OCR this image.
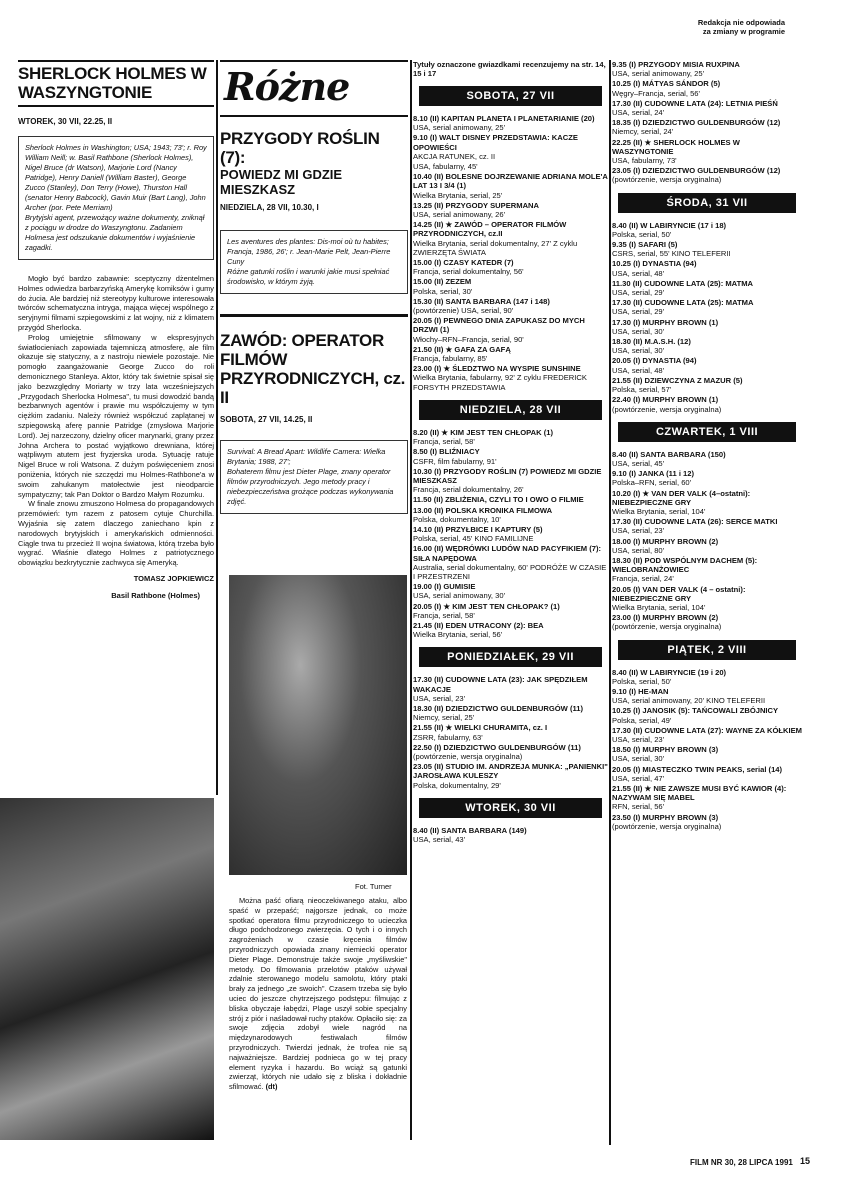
Redakcja nie odpowiada
za zmiany w programie
SHERLOCK HOLMES W WASZYNGTONIE
WTOREK, 30 VII, 22.25, II
Sherlock Holmes in Washington; USA; 1943; 73'; r. Roy William Neill; w. Basil Rathbone (Sherlock Holmes), Nigel Bruce (dr Watson), Marjorie Lord (Nancy Patridge), Henry Daniell (William Baster), George Zucco (Stanley), Don Terry (Howe), Thurston Hall (senator Henry Babcock), Gavin Muir (Bart Lang), John Archer (por. Pete Merriam)
Brytyjski agent, przewożący ważne dokumenty, zniknął z pociągu w drodze do Waszyngtonu. Zadaniem Holmesa jest odszukanie dokumentów i wyjaśnienie zagadki.

Mogło być bardzo zabawnie: sceptyczny dżentelmen Holmes odwiedza barbarzyńską Amerykę komiksów i gumy do żucia. Ale bardziej niż stereotypy kulturowe interesowała twórców schematyczna intryga, mająca więcej wspólnego z seryjnymi filmami szpiegowskimi z lat wojny, niż z klimatem przygód Sherlocka.

Prolog umiejętnie sfilmowany w ekspresyjnych światłocieniach zapowiada tajemniczą atmosferę, ale film okazuje się statyczny, a z nastroju niewiele pozostaje. Nie pomogło zaangażowanie George Zucco do roli demonicznego Stanleya. Aktor, który tak świetnie spisał się jako bezwzględny Moriarty w trzy lata wcześniejszych „Przygodach Sherlocka Holmesa", tu musi dowodzić bandą bezbarwnych agentów i prawie mu współczujemy w tym ciężkim zadaniu. Należy również współczuć zaplątanej w szpiegowską aferę pannie Patridge (zmysłowa Marjorie Lord). Jej narzeczony, dzielny oficer marynarki, grany przez Johna Archera to postać wyjątkowo drewniana, której wątpliwym atutem jest fryzjerska uroda. Sytuację ratuje Nigel Bruce w roli Watsona. Z dużym poświęceniem znosi poniżenia, których nie szczędzi mu Holmes-Rathbone'a w swoim zahukanym matołectwie jest nieodparcie sympatyczny; tak Pan Doktor o Bardzo Małym Rozumku.

W finale znowu zmuszono Holmesa do propagandowych przemówień: tym razem z patosem cytuje Churchilla. Wyjaśnia się zatem dlaczego zaniechano kpin z narodowych brytyjskich i amerykańskich odmienności. Ciągle trwa tu przecież II wojna światowa, którą trzeba było wygrać. Właśnie dlatego Holmes z patriotycznego obowiązku bezkrytycznie zachwyca się Ameryką.

TOMASZ JOPKIEWICZ
Basil Rathbone (Holmes)
Różne
PRZYGODY ROŚLIN (7):
POWIEDZ MI GDZIE MIESZKASZ
NIEDZIELA, 28 VII, 10.30, I
Les aventures des plantes: Dis-moi où tu habites; Francja, 1986, 26'; r. Jean-Marie Pelt, Jean-Pierre Cuny
Różne gatunki roślin i warunki jakie musi spełniać środowisko, w którym żyją.
ZAWÓD: OPERATOR FILMÓW PRZYRODNICZYCH, cz. II
SOBOTA, 27 VII, 14.25, II
Survival: A Bread Apart: Wildlife Camera: Wielka Brytania; 1988, 27';
Bohaterem filmu jest Dieter Plage, znany operator filmów przyrodniczych. Jego metody pracy i niebezpieczeństwa grożące podczas wykonywania zdjęć.
Fot. Turner

Można paść ofiarą nieoczekiwanego ataku, albo spaść w przepaść; najgorsze jednak, co może spotkać operatora filmu przyrodniczego to ucieczka długo podchodzonego zwierzęcia. O tych i o innych zagrożeniach w czasie kręcenia filmów przyrodniczych opowiada znany niemiecki operator Dieter Plage. Demonstruje także swoje „myśliwskie" metody. Do filmowania przelotów ptaków używał zdalnie sterowanego modelu samolotu, który ptaki brały za jednego „ze swoich". Czasem trzeba się było uciec do jeszcze chytrzejszego podstępu: filmując z bliska obyczaje łabędzi, Plage uszył sobie specjalny strój z piór i naśladował ruchy ptaków. Opłaciło się: za swoje zdjęcia zdobył wiele nagród na międzynarodowych festiwalach filmów przyrodniczych. Twierdzi jednak, że trofea nie są najważniejsze. Bardziej podnieca go w tej pracy element ryzyka i hazardu. Bo wciąż są gatunki zwierząt, których nie udało się z bliska i dokładnie sfilmować. (dt)

Tytuły oznaczone gwiazdkami recenzujemy na str. 14, 15 i 17
SOBOTA, 27 VII
8.10 (II) KAPITAN PLANETA I PLANETARIANIE (20)
USA, serial animowany, 25'
9.10 (I) WALT DISNEY PRZEDSTAWIA: KACZE OPOWIEŚCI
AKCJA RATUNEK, cz. II
USA, fabularny, 45'
10.40 (II) BOLESNE DOJRZEWANIE ADRIANA MOLE'A LAT 13 I 3/4 (1)
Wielka Brytania, serial, 25'
13.25 (II) PRZYGODY SUPERMANA
USA, serial animowany, 26'
14.25 (II) ★ ZAWÓD – OPERATOR FILMÓW PRZYRODNICZYCH, cz.II
Wielka Brytania, serial dokumentalny, 27' Z cyklu ZWIERZĘTA ŚWIATA
15.00 (I) CZASY KATEDR (7)
Francja, serial dokumentalny, 56'
15.00 (II) ZEZEM
Polska, serial, 30'
15.30 (II) SANTA BARBARA (147 i 148)
(powtórzenie) USA, serial, 90'
20.05 (I) PEWNEGO DNIA ZAPUKASZ DO MYCH DRZWI (1)
Włochy–RFN–Francja, serial, 90'
21.50 (II) ★ GAFA ZA GAFĄ
Francja, fabularny, 85'
23.00 (I) ★ ŚLEDZTWO NA WYSPIE SUNSHINE
Wielka Brytania, fabularny, 92' Z cyklu FREDERICK FORSYTH PRZEDSTAWIA
NIEDZIELA, 28 VII
8.20 (II) ★ KIM JEST TEN CHŁOPAK (1)
Francja, serial, 58'
8.50 (I) BLIŹNIACY
CSFR, film fabularny, 91'
10.30 (I) PRZYGODY ROŚLIN (7) POWIEDZ MI GDZIE MIESZKASZ
Francja, serial dokumentalny, 26'
11.50 (II) ZBLIŻENIA, CZYLI TO I OWO O FILMIE
13.00 (II) POLSKA KRONIKA FILMOWA
Polska, dokumentalny, 10'
14.10 (II) PRZYŁBICE I KAPTURY (5)
Polska, serial, 45' KINO FAMILIJNE
16.00 (II) WĘDRÓWKI LUDÓW NAD PACYFIKIEM (7): SIŁA NAPĘDOWA
Australia, serial dokumentalny, 60' PODRÓŻE W CZASIE I PRZESTRZENI
19.00 (I) GUMISIE
USA, serial animowany, 30'
20.05 (I) ★ KIM JEST TEN CHŁOPAK? (1)
Francja, serial, 58'
21.45 (II) EDEN UTRACONY (2): BEA
Wielka Brytania, serial, 56'
PONIEDZIAŁEK, 29 VII
17.30 (II) CUDOWNE LATA (23): JAK SPĘDZIŁEM WAKACJE
USA, serial, 23'
18.30 (II) DZIEDZICTWO GULDENBURGÓW (11)
Niemcy, serial, 25'
21.55 (II) ★ WIELKI CHURAMITA, cz. I
ZSRR, fabularny, 63'
22.50 (I) DZIEDZICTWO GULDENBURGÓW (11)
(powtórzenie, wersja oryginalna)
23.05 (II) STUDIO IM. ANDRZEJA MUNKA: „PANIENKI" JAROSŁAWA KULESZY
Polska, dokumentalny, 29'
WTOREK, 30 VII
8.40 (II) SANTA BARBARA (149)
USA, serial, 43'
9.35 (I) PRZYGODY MISIA RUXPINA
USA, serial animowany, 25'
10.25 (I) MÁTYAS SÁNDOR (5)
Węgry–Francja, serial, 56'
17.30 (II) CUDOWNE LATA (24): LETNIA PIEŚŃ
USA, serial, 24'
18.35 (I) DZIEDZICTWO GULDENBURGÓW (12)
Niemcy, serial, 24'
22.25 (II) ★ SHERLOCK HOLMES W WASZYNGTONIE
USA, fabularny, 73'
23.05 (I) DZIEDZICTWO GULDENBURGÓW (12)
(powtórzenie, wersja oryginalna)
ŚRODA, 31 VII
8.40 (II) W LABIRYNCIE (17 i 18)
Polska, serial, 50'
9.35 (I) SAFARI (5)
CSRS, serial, 55' KINO TELEFERII
10.25 (I) DYNASTIA (94)
USA, serial, 48'
11.30 (II) CUDOWNE LATA (25): MATMA
USA, serial, 29'
17.30 (II) CUDOWNE LATA (25): MATMA
USA, serial, 29'
17.30 (I) MURPHY BROWN (1)
USA, serial, 30'
18.30 (II) M.A.S.H. (12)
USA, serial, 30'
20.05 (I) DYNASTIA (94)
USA, serial, 48'
21.55 (II) DZIEWCZYNA Z MAZUR (5)
Polska, serial, 57'
22.40 (I) MURPHY BROWN (1)
(powtórzenie, wersja oryginalna)
CZWARTEK, 1 VIII
8.40 (II) SANTA BARBARA (150)
USA, serial, 45'
9.10 (I) JANKA (11 i 12)
Polska–RFN, serial, 60'
10.20 (I) ★ VAN DER VALK (4–ostatni): NIEBEZPIECZNE GRY
Wielka Brytania, serial, 104'
17.30 (II) CUDOWNE LATA (26): SERCE MATKI
USA, serial, 23'
18.00 (I) MURPHY BROWN (2)
USA, serial, 80'
18.30 (II) POD WSPÓLNYM DACHEM (5): WIELOBRANŻOWIEC
Francja, serial, 24'
20.05 (I) VAN DER VALK (4 – ostatni): NIEBEZPIECZNE GRY
Wielka Brytania, serial, 104'
23.00 (I) MURPHY BROWN (2)
(powtórzenie, wersja oryginalna)
PIĄTEK, 2 VIII
8.40 (II) W LABIRYNCIE (19 i 20)
Polska, serial, 50'
9.10 (I) HE-MAN
USA, serial animowany, 20' KINO TELEFERII
10.25 (I) JANOSIK (5): TAŃCOWALI ZBÓJNICY
Polska, serial, 49'
17.30 (II) CUDOWNE LATA (27): WAYNE ZA KÓŁKIEM
USA, serial, 23'
18.50 (I) MURPHY BROWN (3)
USA, serial, 30'
20.05 (I) MIASTECZKO TWIN PEAKS, serial (14)
USA, serial, 47'
21.55 (II) ★ NIE ZAWSZE MUSI BYĆ KAWIOR (4): NAZYWAM SIĘ MABEL
RFN, serial, 56'
23.50 (I) MURPHY BROWN (3)
(powtórzenie, wersja oryginalna)
FILM NR 30, 28 LIPCA 1991 15
